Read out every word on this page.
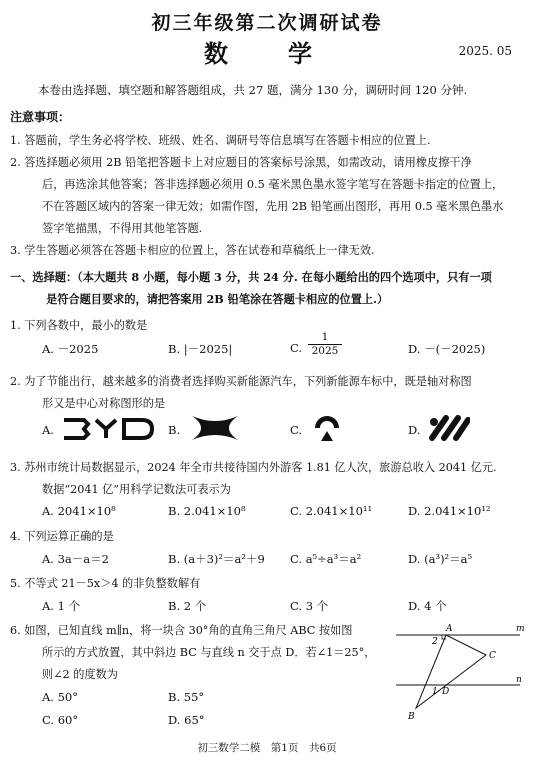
初三年级第二次调研试卷
数　学	2025. 05
本卷由选择题、填空题和解答题组成，共 27 题，满分 130 分，调研时间 120 分钟.
注意事项：
1. 答题前，学生务必将学校、班级、姓名、调研号等信息填写在答题卡相应的位置上.
2. 答选择题必须用 2B 铅笔把答题卡上对应题目的答案标号涂黑，如需改动，请用橡皮擦干净
后，再选涂其他答案；答非选择题必须用 0.5 毫米黑色墨水签字笔写在答题卡指定的位置上，
不在答题区域内的答案一律无效；如需作图，先用 2B 铅笔画出图形，再用 0.5 毫米黑色墨水
签字笔描黑，不得用其他笔答题.
3. 学生答题必须答在答题卡相应的位置上，答在试卷和草稿纸上一律无效.
一、选择题：（本大题共 8 小题，每小题 3 分，共 24 分. 在每小题给出的四个选项中，只有一项
是符合题目要求的，请把答案用 2B 铅笔涂在答题卡相应的位置上.）
1. 下列各数中，最小的数是
A. －2025	B. |－2025|	C. $\frac{1}{2025}$	D. －(－2025)
2. 为了节能出行，越来越多的消费者选择购买新能源汽车，下列新能源车标中，既是轴对称图
形又是中心对称图形的是
A.	B.	C.	D.
3. 苏州市统计局数据显示，2024 年全市共接待国内外游客 1.81 亿人次，旅游总收入 2041 亿元.
数据“2041 亿”用科学记数法可表示为
A. 2041×10⁸	B. 2.041×10⁸	C. 2.041×10¹¹	D. 2.041×10¹²
4. 下列运算正确的是
A. 3a－a＝2	B. (a＋3)²＝a²＋9 C. a⁵÷a³＝a²	D. (a³)²＝a⁵
5. 不等式 21－5x＞4 的非负整数解有
A. 1 个	B. 2 个	C. 3 个	D. 4 个
6. 如图，已知直线 m∥n，将一块含 30°角的直角三角尺 ABC 按如图
所示的方式放置，其中斜边 BC 与直线 n 交于点 D．若∠1＝25°，
则∠2 的度数为
A. 50°	B. 55°
C. 60°	D. 65°
m
n
A
B
C
D
1
2
初三数学二模　第1页　共6页
